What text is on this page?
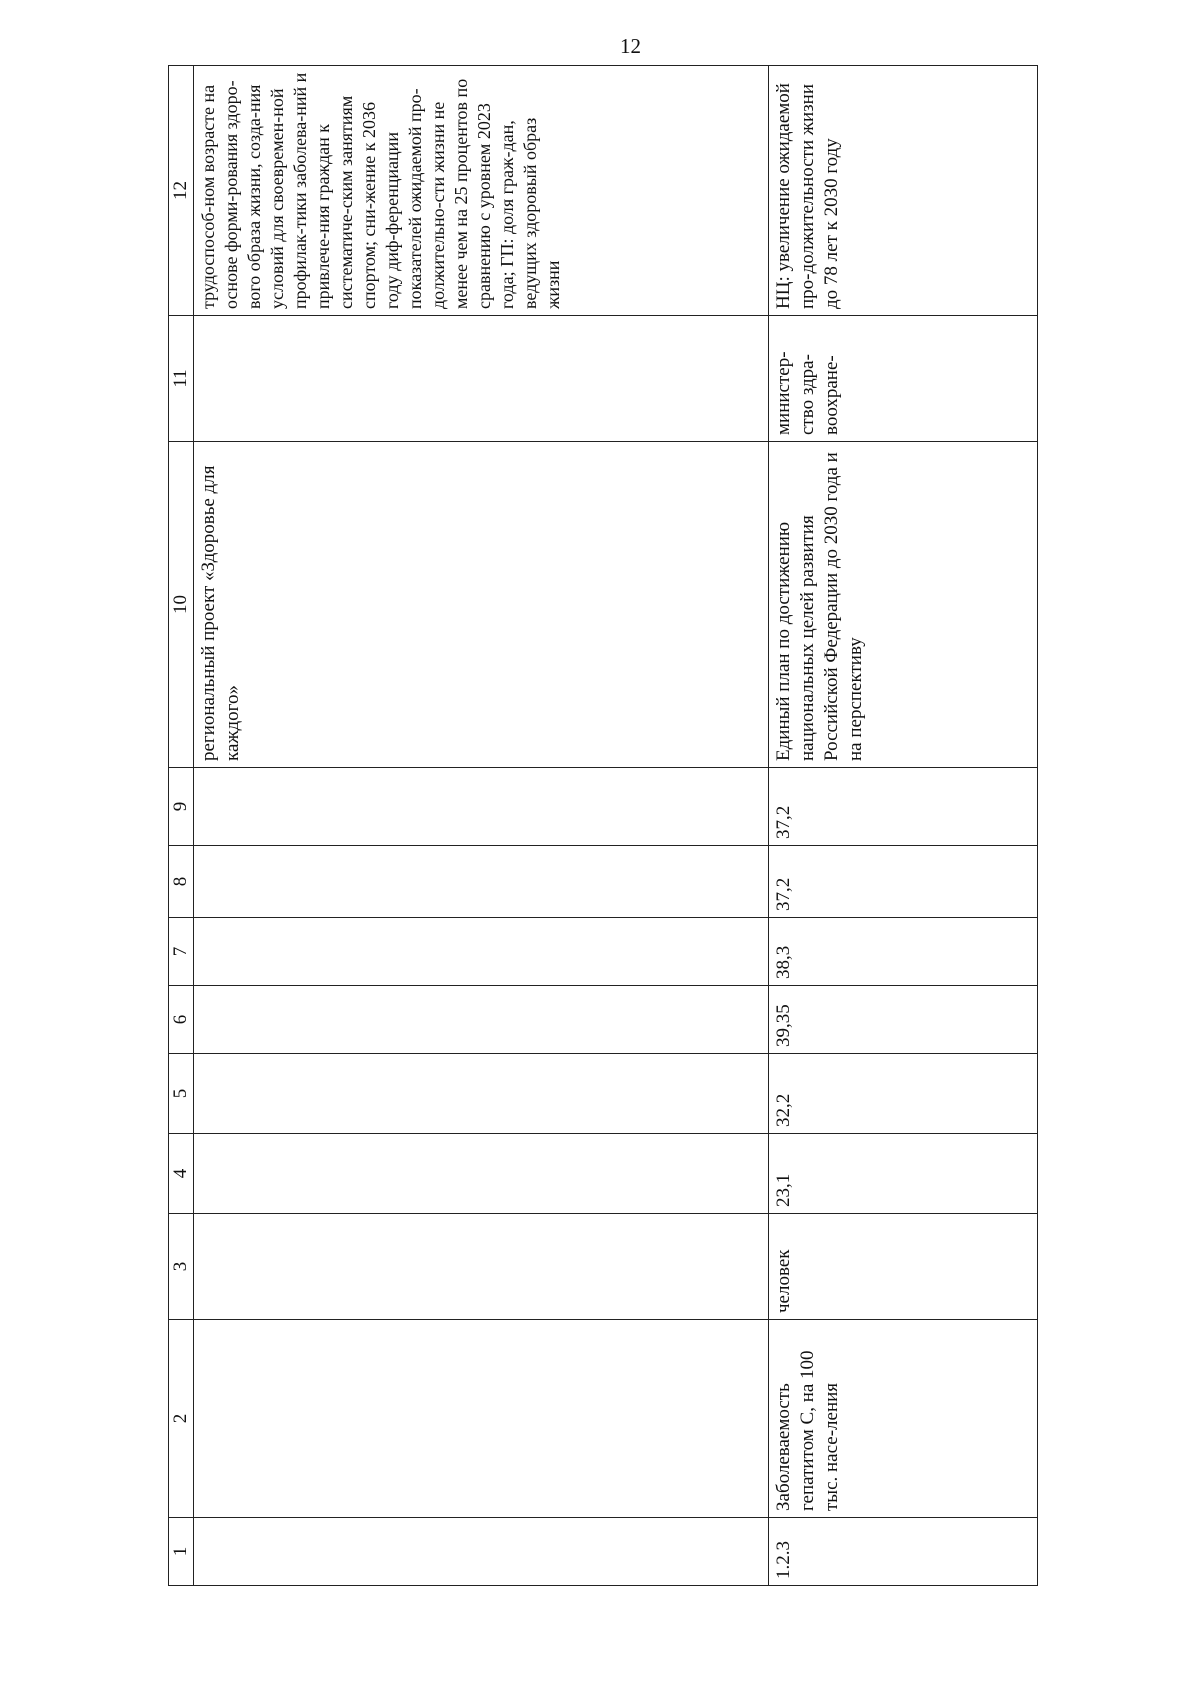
12
1	2	3	4	5	6	7	8	9	10	11	12
									региональный проект «Здоровье для каждого»		трудоспособ-ном возрасте на основе форми-рования здоро-вого образа жизни, созда-ния условий для своевремен-ной профилак-тики заболева-ний и привлече-ния граждан к систематиче-ским занятиям спортом; сни-жение к 2036 году диф-ференциации показателей ожидаемой про-должительно-сти жизни не менее чем на 25 процентов по сравнению с уровнем 2023 года; ГП: доля граж-дан, ведущих здоровый образ жизни
1.2.3	Заболеваемость гепатитом С, на 100 тыс. насе-ления	человек	23,1	32,2	39,35	38,3	37,2	37,2	Единый план по достижению национальных целей развития Российской Федерации до 2030 года и на перспективу	министер-ство здра-воохране-	НЦ: увеличение ожидаемой про-должительности жизни до 78 лет к 2030 году
